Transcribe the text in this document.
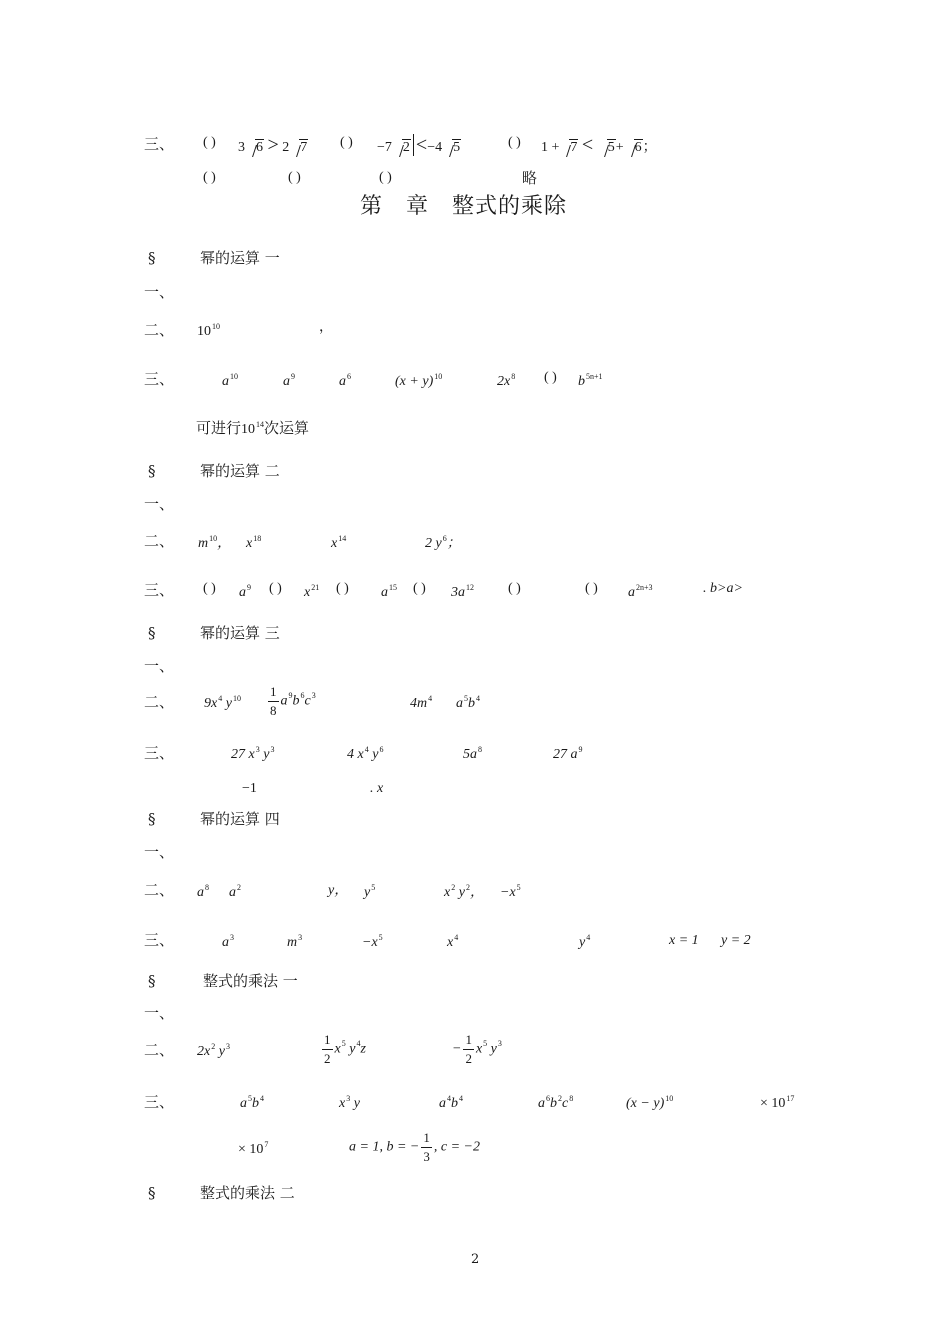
三、 ( ) 3 6 > 2 7 ( ) −7 2 <−4 5	( ) 1 + 7 < 5+ 6；
( )	( )	( )	略
第　章　整式的乘除
§	幂的运算 一
一、
二、 $10^{10}$	，
三、	$a^{10}$	$a^9$	$a^6$	$(x + y)^{10}$	$2x^8$ ( ) $b^{5n+1}$
可进行$10^{14}$次运算
§	幂的运算 二
一、
二、 $m^{10}$， $x^{18}$	$x^{14}$	2 $y^6$；
三、 ( ) $a^9$ ( ) $x^{21}$ ( ) $a^{15}$ ( ) $3a^{12}$ ( )	( ) $a^{2n+3}$	. b>a>
§	幂的运算 三
一、
二、 $9x^4$ $y^{10} \frac{1}{8} a^9b^6c^3$
$4m^4$ $a^5b^4$
三、	27 $x^3$ $y^3$	4 $x^4$ $y^6$	$5a^8$	27 $a^9$
−1	. x
§	幂的运算 四
一、
二、 $a^8$ $a^2$	y， $y^5$	$x^2$ $y^2$， $-x^5$
三、	$a^3$	$m^3$	$-x^5$	$x^4$	$y^4$	x = 1 y = 2
§	整式的乘法 一
一、
二、 $2x^2$ $y^3$	$\frac{1}{2} x^5$ $y^4z$	− $\frac{1}{2} x^5$ $y^3$
三、	$a^5b^4$	$x^3$ y	$a^4b^4$	$a^6b^2c^8$	$(x - y)^{10}$	× $10^{17}$
× $10^7$	a = 1, b = − $\frac{1}{3}$ , c = −2
§	整式的乘法 二
2
